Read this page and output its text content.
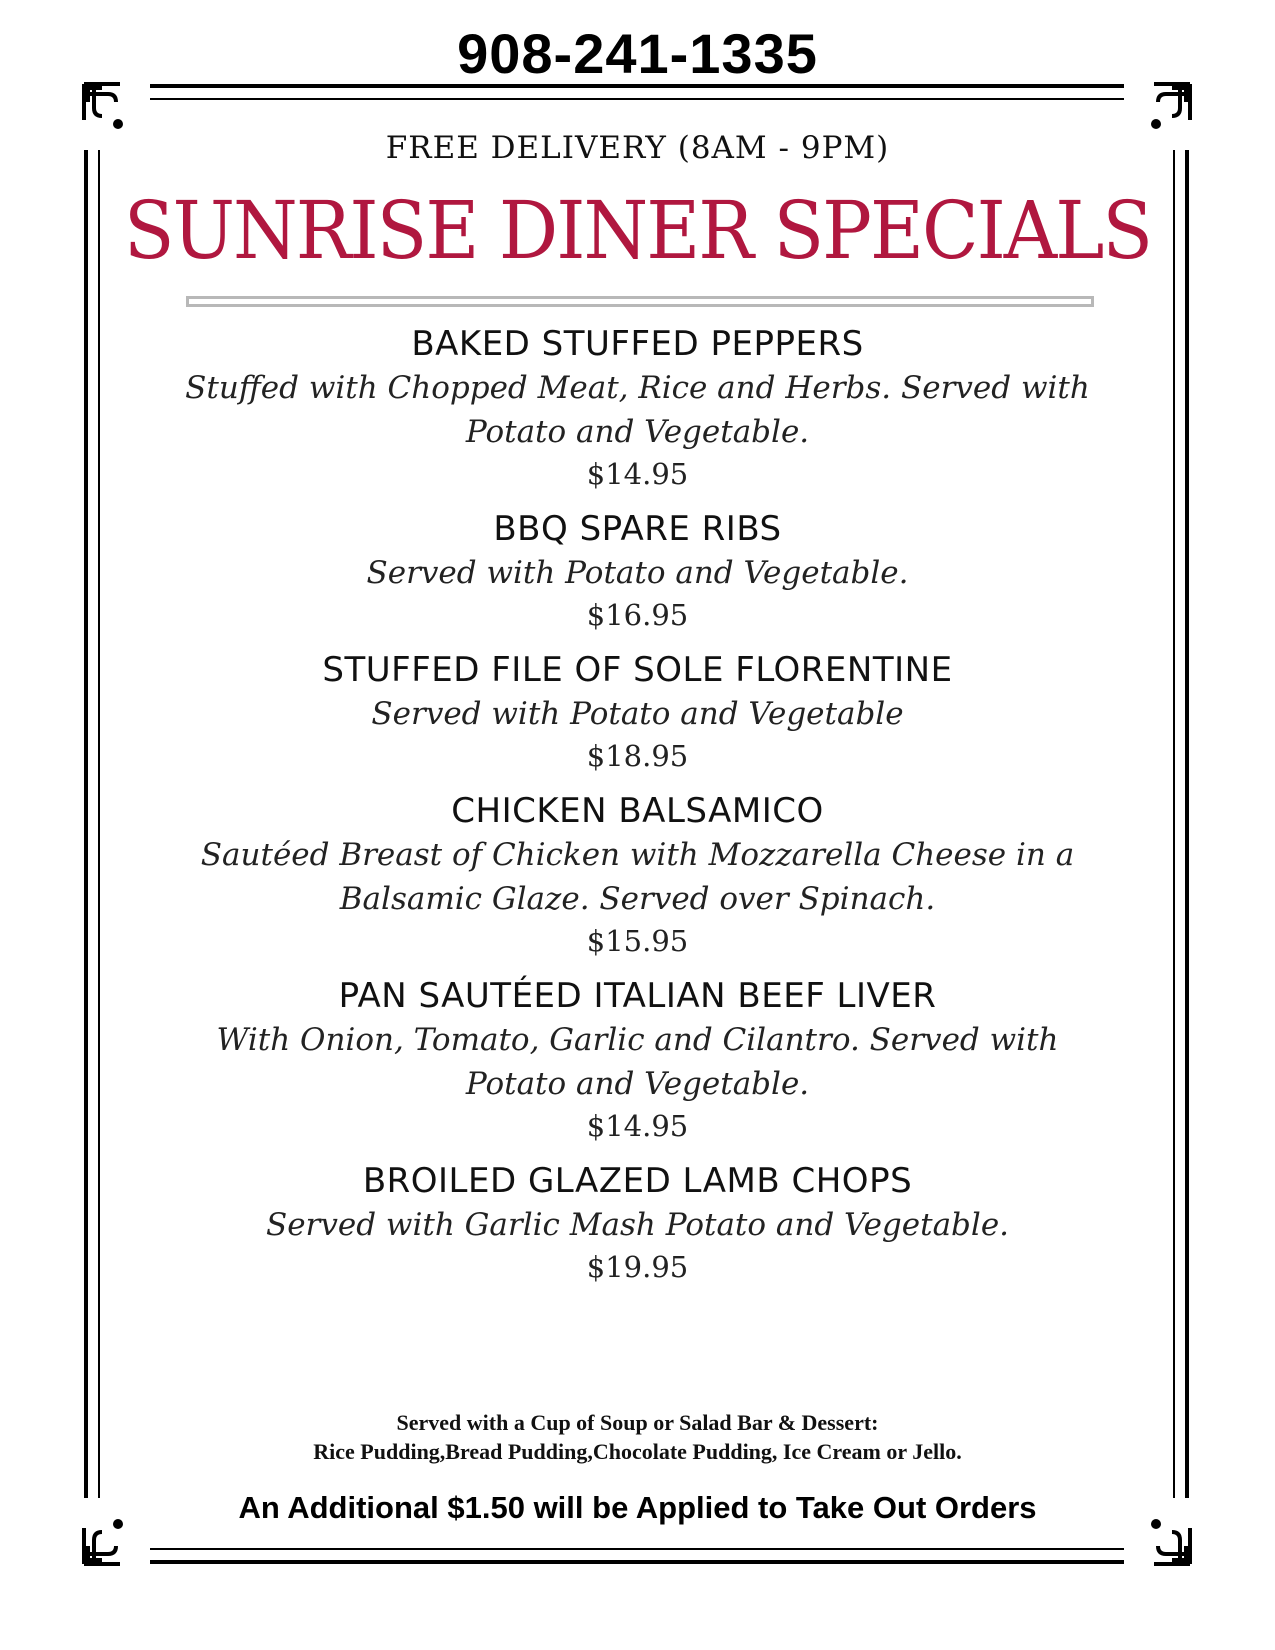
908-241-1335
FREE DELIVERY (8AM - 9PM)
SUNRISE DINER SPECIALS
BAKED STUFFED PEPPERS
Stuffed with Chopped Meat, Rice and Herbs. Served with
Potato and Vegetable.
$14.95
BBQ SPARE RIBS
Served with Potato and Vegetable.
$16.95
STUFFED FILE OF SOLE FLORENTINE
Served with Potato and Vegetable
$18.95
CHICKEN BALSAMICO
Sautéed Breast of Chicken with Mozzarella Cheese in a
Balsamic Glaze. Served over Spinach.
$15.95
PAN SAUTÉED ITALIAN BEEF LIVER
With Onion, Tomato, Garlic and Cilantro. Served with
Potato and Vegetable.
$14.95
BROILED GLAZED LAMB CHOPS
Served with Garlic Mash Potato and Vegetable.
$19.95
Served with a Cup of Soup or Salad Bar & Dessert:
Rice Pudding,Bread Pudding,Chocolate Pudding, Ice Cream or Jello.
An Additional $1.50 will be Applied to Take Out Orders
